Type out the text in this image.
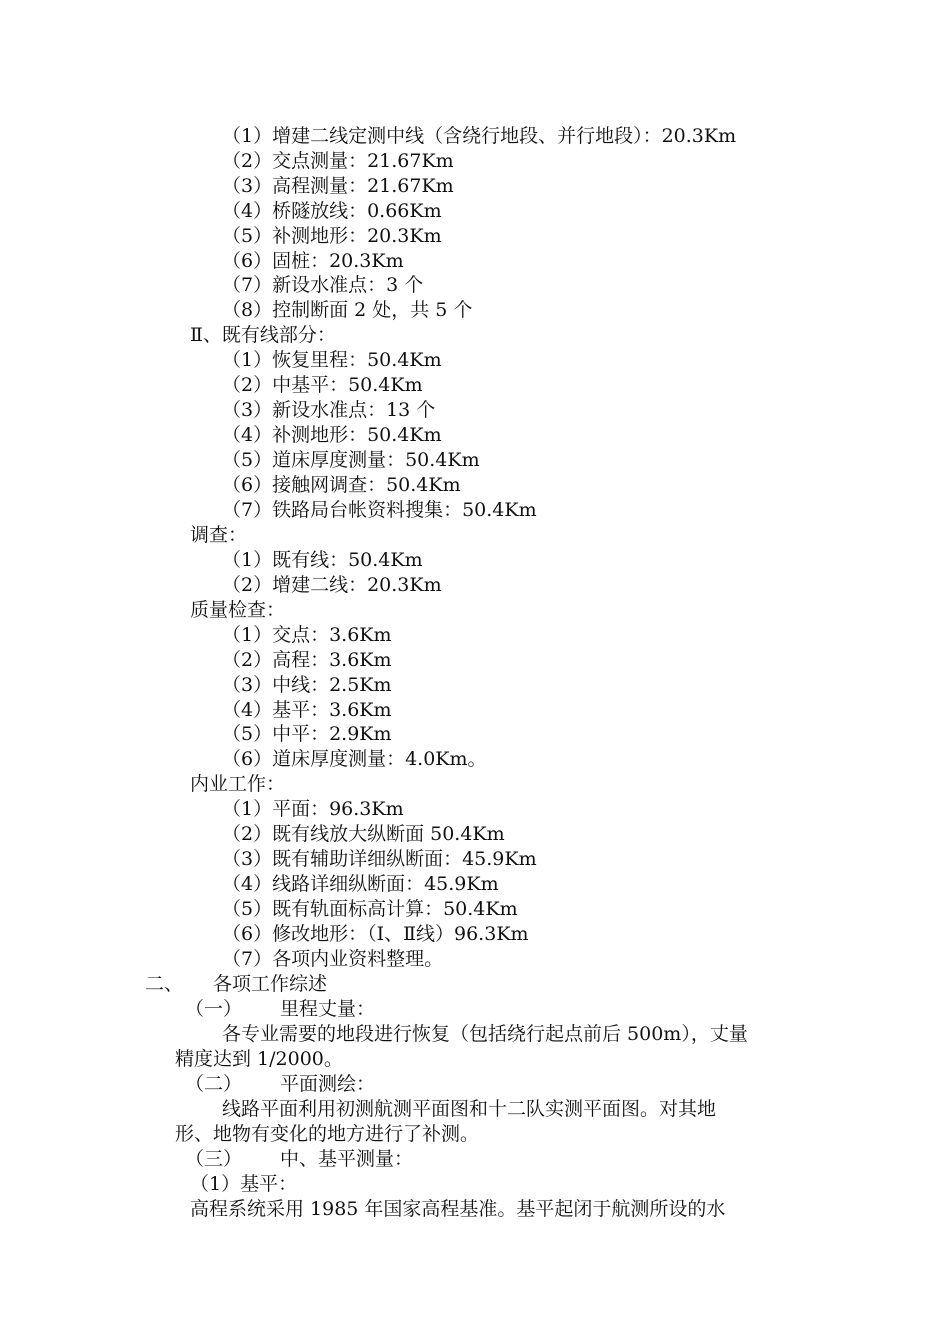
（1）增建二线定测中线（含绕行地段、并行地段）：20.3Km
（2）交点测量：21.67Km
（3）高程测量：21.67Km
（4）桥隧放线：0.66Km
（5）补测地形：20.3Km
（6）固桩：20.3Km
（7）新设水准点：3 个
（8）控制断面 2 处，共 5 个
Ⅱ、既有线部分：
（1）恢复里程：50.4Km
（2）中基平：50.4Km
（3）新设水准点：13 个
（4）补测地形：50.4Km
（5）道床厚度测量：50.4Km
（6）接触网调查：50.4Km
（7）铁路局台帐资料搜集：50.4Km
调查：
（1）既有线：50.4Km
（2）增建二线：20.3Km
质量检查：
（1）交点：3.6Km
（2）高程：3.6Km
（3）中线：2.5Km
（4）基平：3.6Km
（5）中平：2.9Km
（6）道床厚度测量：4.0Km。
内业工作：
（1）平面：96.3Km
（2）既有线放大纵断面 50.4Km
（3）既有辅助详细纵断面：45.9Km
（4）线路详细纵断面：45.9Km
（5）既有轨面标高计算：50.4Km
（6）修改地形：（Ⅰ、Ⅱ线）96.3Km
（7）各项内业资料整理。
二、 各项工作综述
（一） 里程丈量：
各专业需要的地段进行恢复（包括绕行起点前后 500m），丈量
精度达到 1/2000。
（二） 平面测绘：
线路平面利用初测航测平面图和十二队实测平面图。对其地
形、地物有变化的地方进行了补测。
（三） 中、基平测量：
（1）基平：
高程系统采用 1985 年国家高程基准。基平起闭于航测所设的水
